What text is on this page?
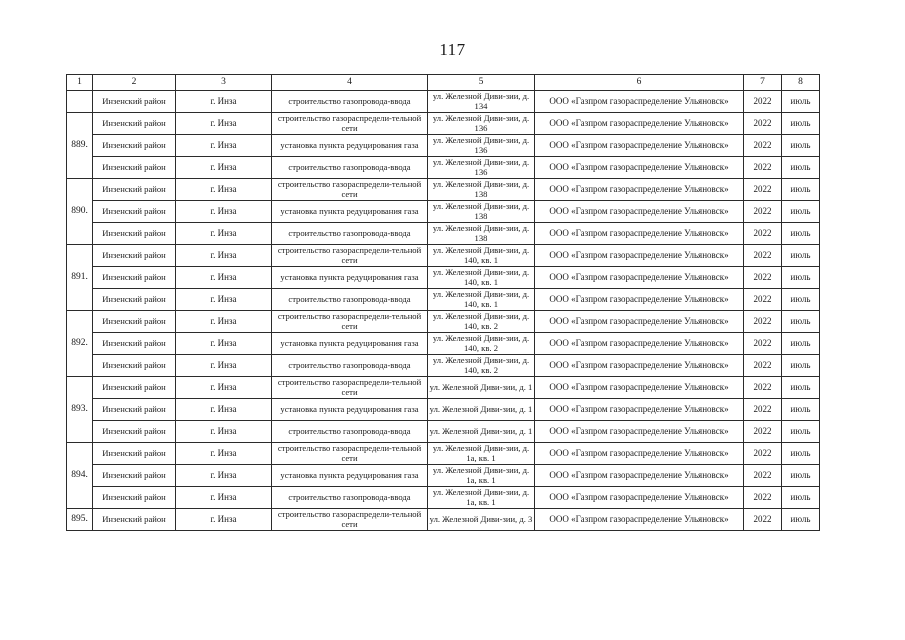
117
1	2	3	4	5	6	7	8
	Инзенский район	г. Инза	строительство газопровода-ввода	ул. Железной Диви-зии, д. 134	ООО «Газпром газораспределение Ульяновск»	2022	июль
889.	Инзенский район	г. Инза	строительство газораспредели-тельной сети	ул. Железной Диви-зии, д. 136	ООО «Газпром газораспределение Ульяновск»	2022	июль
	Инзенский район	г. Инза	установка пункта редуцирования газа	ул. Железной Диви-зии, д. 136	ООО «Газпром газораспределение Ульяновск»	2022	июль
	Инзенский район	г. Инза	строительство газопровода-ввода	ул. Железной Диви-зии, д. 136	ООО «Газпром газораспределение Ульяновск»	2022	июль
890.	Инзенский район	г. Инза	строительство газораспредели-тельной сети	ул. Железной Диви-зии, д. 138	ООО «Газпром газораспределение Ульяновск»	2022	июль
	Инзенский район	г. Инза	установка пункта редуцирования газа	ул. Железной Диви-зии, д. 138	ООО «Газпром газораспределение Ульяновск»	2022	июль
	Инзенский район	г. Инза	строительство газопровода-ввода	ул. Железной Диви-зии, д. 138	ООО «Газпром газораспределение Ульяновск»	2022	июль
891.	Инзенский район	г. Инза	строительство газораспредели-тельной сети	ул. Железной Диви-зии, д. 140, кв. 1	ООО «Газпром газораспределение Ульяновск»	2022	июль
	Инзенский район	г. Инза	установка пункта редуцирования газа	ул. Железной Диви-зии, д. 140, кв. 1	ООО «Газпром газораспределение Ульяновск»	2022	июль
	Инзенский район	г. Инза	строительство газопровода-ввода	ул. Железной Диви-зии, д. 140, кв. 1	ООО «Газпром газораспределение Ульяновск»	2022	июль
892.	Инзенский район	г. Инза	строительство газораспредели-тельной сети	ул. Железной Диви-зии, д. 140, кв. 2	ООО «Газпром газораспределение Ульяновск»	2022	июль
	Инзенский район	г. Инза	установка пункта редуцирования газа	ул. Железной Диви-зии, д. 140, кв. 2	ООО «Газпром газораспределение Ульяновск»	2022	июль
	Инзенский район	г. Инза	строительство газопровода-ввода	ул. Железной Диви-зии, д. 140, кв. 2	ООО «Газпром газораспределение Ульяновск»	2022	июль
893.	Инзенский район	г. Инза	строительство газораспредели-тельной сети	ул. Железной Диви-зии, д. 1	ООО «Газпром газораспределение Ульяновск»	2022	июль
	Инзенский район	г. Инза	установка пункта редуцирования газа	ул. Железной Диви-зии, д. 1	ООО «Газпром газораспределение Ульяновск»	2022	июль
	Инзенский район	г. Инза	строительство газопровода-ввода	ул. Железной Диви-зии, д. 1	ООО «Газпром газораспределение Ульяновск»	2022	июль
894.	Инзенский район	г. Инза	строительство газораспредели-тельной сети	ул. Железной Диви-зии, д. 1а, кв. 1	ООО «Газпром газораспределение Ульяновск»	2022	июль
	Инзенский район	г. Инза	установка пункта редуцирования газа	ул. Железной Диви-зии, д. 1а, кв. 1	ООО «Газпром газораспределение Ульяновск»	2022	июль
	Инзенский район	г. Инза	строительство газопровода-ввода	ул. Железной Диви-зии, д. 1а, кв. 1	ООО «Газпром газораспределение Ульяновск»	2022	июль
895.	Инзенский район	г. Инза	строительство газораспредели-тельной сети	ул. Железной Диви-зии, д. 3	ООО «Газпром газораспределение Ульяновск»	2022	июль
